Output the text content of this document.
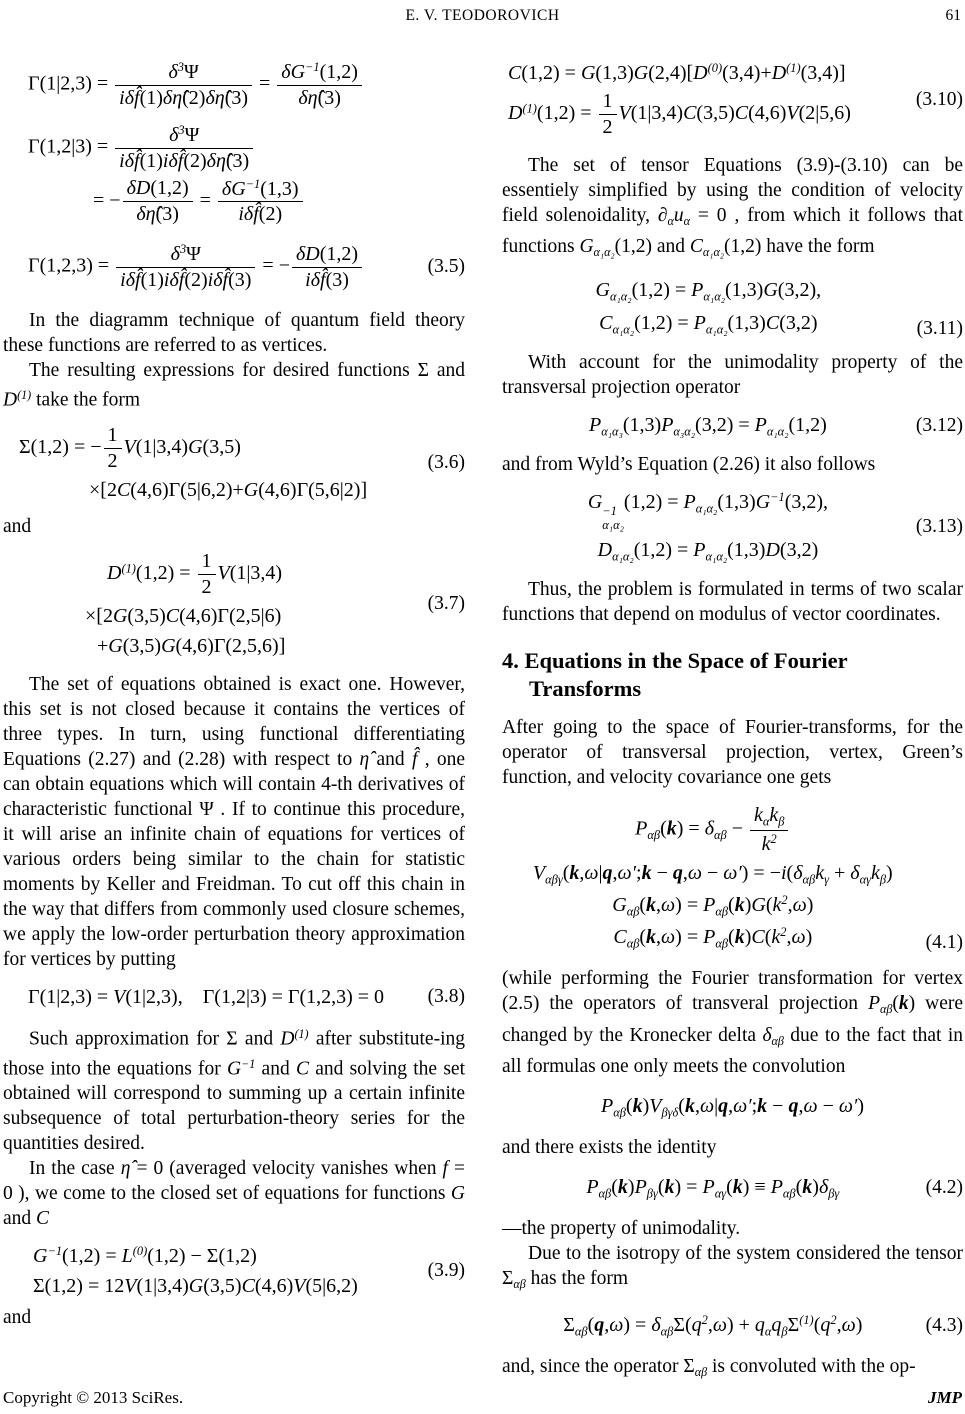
E. V. TEODOROVICH	61
$\Gamma(1|2,3) = \frac{\delta^3\Psi}{\text{iδf̂(1)δη̂(2)δη̂(3)}} = \frac{\delta G^{-1}(1,2)}{\delta\etâ(3)}$
$\Gamma(1,2|3) = \frac{\delta^3\Psi}{\text{iδf̂(1)iδf̂(2)δη̂(3)}}$
= − $\frac{\delta D(1,2)}{\delta\etâ(3)} = \frac{\delta G^{-1}(1,3)}{\text{iδf̂(2)}}$
$\Gamma(1,2,3) = \frac{\delta^3\Psi}{\text{iδf̂(1)iδf̂(2)iδf̂(3)}}$ = − $\frac{\delta D(1,2)}{\text{iδf̂(3)}}$	(3.5)

In the diagramm technique of quantum field theory these functions are referred to as vertices.

The resulting expressions for desired functions Σ and $D^{(1)}$ take the form

Σ(1,2) = − $\frac{1}{2} V(1|3,4)G(3,5)$
×[2C(4,6)Γ(5|6,2)+G(4,6)Γ(5,6|2)]
(3.6)

and

$D^{(1)}(1,2) = \frac{1}{2} V(1|3,4)$
×[2G(3,5)C(4,6)Γ(2,5|6)
+G(3,5)G(4,6)Γ(2,5,6)]
(3.7)

The set of equations obtained is exact one. However, this set is not closed because it contains the vertices of three types. In turn, using functional differentiating Equations (2.27) and (2.28) with respect to η̂ and f̂ , one can obtain equations which will contain 4-th derivatives of characteristic functional Ψ . If to continue this procedure, it will arise an infinite chain of equations for vertices of various orders being similar to the chain for statistic moments by Keller and Freidman. To cut off this chain in the way that differs from commonly used closure schemes, we apply the low-order perturbation theory approximation for vertices by putting

Γ(1|2,3) = V(1|2,3),  Γ(1,2|3) = Γ(1,2,3) = 0 (3.8)

Such approximation for Σ and $D^{(1)}$ after substitute-ing those into the equations for $G^{-1}$ and C and solving the set obtained will correspond to summing up a certain infinite subsequence of total perturbation-theory series for the quantities desired.

In the case η̂ = 0 (averaged velocity vanishes when f = 0 ), we come to the closed set of equations for functions G and C

$G^{-1}(1,2) = L^{(0)}(1,2) - \Sigma(1,2)$
Σ(1,2) = 12V(1|3,4)G(3,5)C(4,6)V(5|6,2)
(3.9)

and

$C(1,2) = G(1,3)G(2,4)[D^{(0)}(3,4)+D^{(1)}(3,4)]$
$D^{(1)}(1,2) = \frac{1}{2} V(1|3,4)C(3,5)C(4,6)V(2|5,6)$
(3.10)

The set of tensor Equations (3.9)-(3.10) can be essentiely simplified by using the condition of velocity field solenoidality, $\partial_\alpha u_\alpha = 0$ , from which it follows that functions $G_{\alpha_1\alpha_2}(1,2)$ and $C_{\alpha_1\alpha_2}(1,2)$ have the form

$G_{\alpha_1\alpha_2}(1,2) = P_{\alpha_1\alpha_2}(1,3)G(3,2)$,
$C_{\alpha_1\alpha_2}(1,2) = P_{\alpha_1\alpha_2}(1,3)C(3,2)$	(3.11)

With account for the unimodality property of the transversal projection operator

$P_{\alpha_1\alpha_3}(1,3)P_{\alpha_3\alpha_2}(3,2) = P_{\alpha_1\alpha_2}(1,2)$	(3.12)

and from Wyld’s Equation (2.26) it also follows

G −1
α₁α₂
$(1,2) = P_{\alpha_1\alpha_2}(1,3)G^{-1}(3,2)$,
$D_{\alpha_1\alpha_2}(1,2) = P_{\alpha_1\alpha_2}(1,3)D(3,2)$
(3.13)

Thus, the problem is formulated in terms of two scalar functions that depend on modulus of vector coordinates.

4. Equations in the Space of Fourier
Transforms

After going to the space of Fourier-transforms, for the operator of transversal projection, vertex, Green’s function, and velocity covariance one gets

$P_{\alpha\beta}(k) = \delta_{\alpha\beta} - \frac{k_\alpha k_\beta}{k^2}$
$V_{\alpha\beta\gamma}(k,\omega|q,\omega';k - q,\omega - \omega') = -i(\delta_{\alpha\beta}k_\gamma + \delta_{\alpha\gamma}k_\beta)$
$G_{\alpha\beta}(k,\omega) = P_{\alpha\beta}(k)G(k^2,\omega)$
$C_{\alpha\beta}(k,\omega) = P_{\alpha\beta}(k)C(k^2,\omega)$	(4.1)

(while performing the Fourier transformation for vertex (2.5) the operators of transveral projection $P_{\alpha\beta}(k)$ were changed by the Kronecker delta $\delta_{\alpha\beta}$ due to the fact that in all formulas one only meets the convolution

$P_{\alpha\beta}(k)V_{\beta\gamma\delta}(k,\omega|q,\omega';k - q,\omega - \omega')$

and there exists the identity

$P_{\alpha\beta}(k)P_{\beta\gamma}(k) = P_{\alpha\gamma}(k) \equiv P_{\alpha\beta}(k)\delta_{\beta\gamma}$	(4.2)

—the property of unimodality.

Due to the isotropy of the system considered the tensor $\Sigma_{\alpha\beta}$ has the form

$\Sigma_{\alpha\beta}(q,\omega) = \delta_{\alpha\beta}\Sigma(q^2,\omega) + q_\alpha q_\beta\Sigma^{(1)}(q^2,\omega)$	(4.3)

and, since the operator $\Sigma_{\alpha\beta}$ is convoluted with the op-

Copyright © 2013 SciRes.	JMP
